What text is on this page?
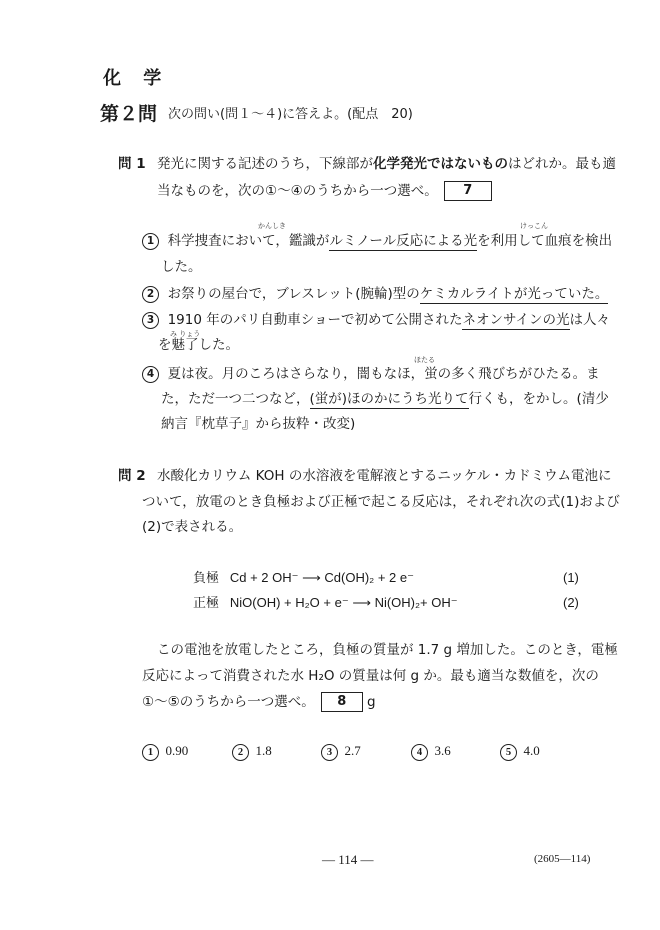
化 学
第２問 次の問い(問１～４)に答えよ。(配点　20)
問 1 発光に関する記述のうち，下線部が化学発光ではないものはどれか。最も適
当なものを，次の①～④のうちから一つ選べ。 7
かんしき	けっこん
1 科学捜査において，鑑識がルミノール反応による光を利用して血痕を検出
した。
2 お祭りの屋台で，ブレスレット(腕輪)型のケミカルライトが光っていた。
3 1910 年のパリ自動車ショーで初めて公開されたネオンサインの光は人々
み りょう
を魅了した。
ほたる
4 夏は夜。月のころはさらなり，闇もなほ，蛍の多く飛びちがひたる。ま
た，ただ一つ二つなど，(蛍が)ほのかにうち光りて行くも，をかし。(清少
納言『枕草子』から抜粋・改変)
問 2 水酸化カリウム KOH の水溶液を電解液とするニッケル・カドミウム電池に
ついて，放電のとき負極および正極で起こる反応は，それぞれ次の式(1)および
(2)で表される。
負極 Cd + 2 OH⁻ ⟶ Cd(OH)₂ + 2 e⁻	(1)
正極 NiO(OH) + H₂O + e⁻ ⟶ Ni(OH)₂+ OH⁻	(2)
この電池を放電したところ，負極の質量が 1.7 g 増加した。このとき，電極
反応によって消費された水 H₂O の質量は何 g か。最も適当な数値を，次の
①～⑤のうちから一つ選べ。 8 g
1 0.90	2 1.8	3 2.7	4 3.6	5 4.0
— 114 —	(2605—114)
